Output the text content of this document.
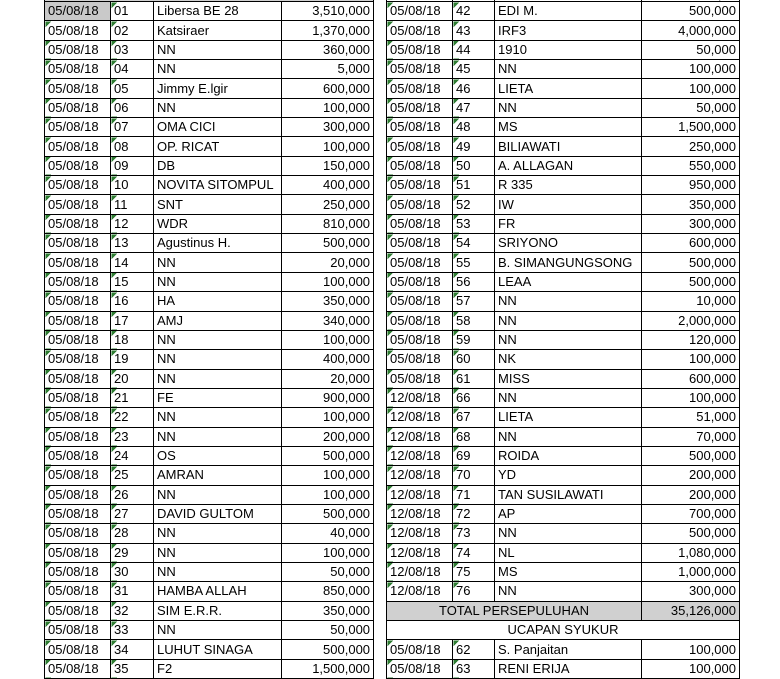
05/08/18	01	Libersa BE 28	3,510,000
05/08/18	02	Katsiraer	1,370,000
05/08/18	03	NN	360,000
05/08/18	04	NN	5,000
05/08/18	05	Jimmy E.lgir	600,000
05/08/18	06	NN	100,000
05/08/18	07	OMA CICI	300,000
05/08/18	08	OP. RICAT	100,000
05/08/18	09	DB	150,000
05/08/18	10	NOVITA SITOMPUL	400,000
05/08/18	11	SNT	250,000
05/08/18	12	WDR	810,000
05/08/18	13	Agustinus H.	500,000
05/08/18	14	NN	20,000
05/08/18	15	NN	100,000
05/08/18	16	HA	350,000
05/08/18	17	AMJ	340,000
05/08/18	18	NN	100,000
05/08/18	19	NN	400,000
05/08/18	20	NN	20,000
05/08/18	21	FE	900,000
05/08/18	22	NN	100,000
05/08/18	23	NN	200,000
05/08/18	24	OS	500,000
05/08/18	25	AMRAN	100,000
05/08/18	26	NN	100,000
05/08/18	27	DAVID GULTOM	500,000
05/08/18	28	NN	40,000
05/08/18	29	NN	100,000
05/08/18	30	NN	50,000
05/08/18	31	HAMBA ALLAH	850,000
05/08/18	32	SIM E.R.R.	350,000
05/08/18	33	NN	50,000
05/08/18	34	LUHUT SINAGA	500,000
05/08/18	35	F2	1,500,000

05/08/18	42	EDI M.	500,000
05/08/18	43	IRF3	4,000,000
05/08/18	44	1910	50,000
05/08/18	45	NN	100,000
05/08/18	46	LIETA	100,000
05/08/18	47	NN	50,000
05/08/18	48	MS	1,500,000
05/08/18	49	BILIAWATI	250,000
05/08/18	50	A. ALLAGAN	550,000
05/08/18	51	R 335	950,000
05/08/18	52	IW	350,000
05/08/18	53	FR	300,000
05/08/18	54	SRIYONO	600,000
05/08/18	55	B. SIMANGUNGSONG	500,000
05/08/18	56	LEAA	500,000
05/08/18	57	NN	10,000
05/08/18	58	NN	2,000,000
05/08/18	59	NN	120,000
05/08/18	60	NK	100,000
05/08/18	61	MISS	600,000
12/08/18	66	NN	100,000
12/08/18	67	LIETA	51,000
12/08/18	68	NN	70,000
12/08/18	69	ROIDA	500,000
12/08/18	70	YD	200,000
12/08/18	71	TAN SUSILAWATI	200,000
12/08/18	72	AP	700,000
12/08/18	73	NN	500,000
12/08/18	74	NL	1,080,000
12/08/18	75	MS	1,000,000
12/08/18	76	NN	300,000
TOTAL PERSEPULUHAN			35,126,000
UCAPAN SYUKUR			
05/08/18	62	S. Panjaitan	100,000
05/08/18	63	RENI ERIJA	100,000
